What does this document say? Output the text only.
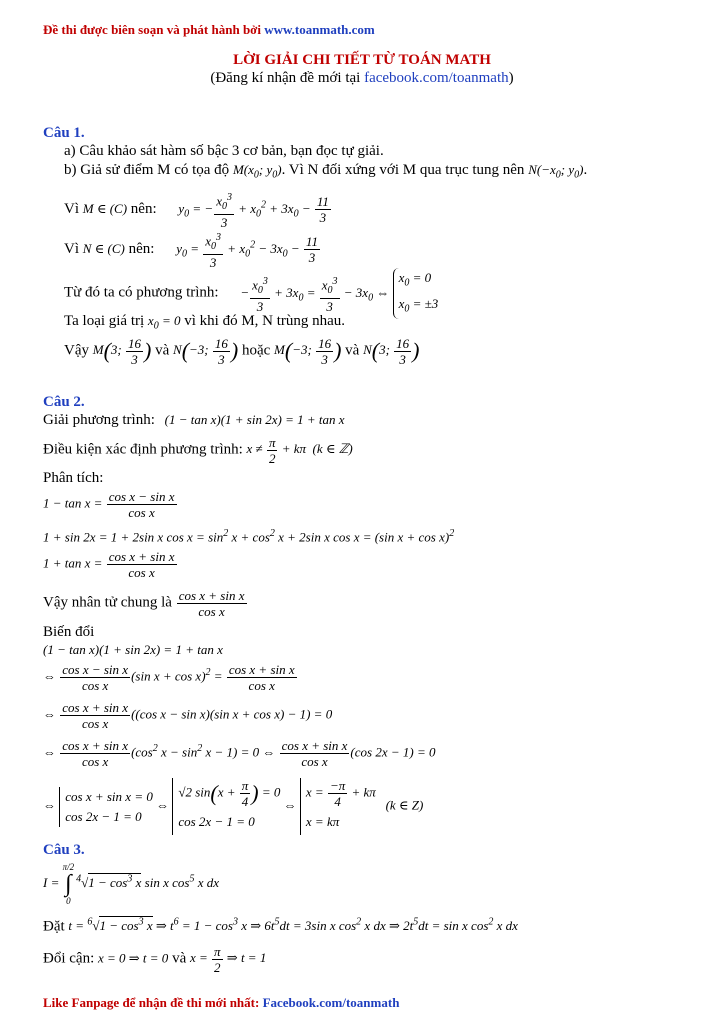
Đề thi được biên soạn và phát hành bởi www.toanmath.com
LỜI GIẢI CHI TIẾT TỪ TOÁN MATH
(Đăng kí nhận đề mới tại facebook.com/toanmath)
Câu 1.
a) Câu khảo sát hàm số bậc 3 cơ bản, bạn đọc tự giải.
b) Giả sử điểm M có tọa độ $M(x_0$; $y_0$). Vì N đối xứng với M qua trục tung nên $N(-x_0$; $y_0$).
Vì M ∈ (C) nên: $y_0$ = − $\frac{x_0^3}{3} + x_0^2 + 3x_0 - \frac{11}{3}$
Vì N ∈ (C) nên: $y_0 = \frac{x_0^3}{3} + x_0^2 - 3x_0 - \frac{11}{3}$
Từ đó ta có phương trình: − $\frac{x_0^3}{3} + 3x_0 = \frac{x_0^3}{3} - 3x_0$ ⇔ $x_0 = 0$
$x_0 = \pm 3$
Ta loại giá trị $x_0 = 0$ vì khi đó M, N trùng nhau.
Vậy M(3; $\frac{16}{3}$ ) và N(−3; $\frac{16}{3}$ ) hoặc M(−3; $\frac{16}{3}$ ) và N(3; $\frac{16}{3}$ )
Câu 2.
Giải phương trình: (1 − tan x)(1 + sin 2x) = 1 + tan x
Điều kiện xác định phương trình: $x \ne \frac{\pi}{2} + k\pi$  (k ∈ ℤ)
Phân tích:
$1 - \tan x = \frac{\text{cos x − sin x}}{\text{cos x}}$
1 + sin 2x = 1 + 2sin x $\cos x = \sin^2 x + \cos^2 x + 2\sin$ x cos x = (sin x + cos x)$^2$
$1 + \tan x = \frac{\text{cos x + sin x}}{\text{cos x}}$
Vậy nhân tử chung là $\frac{\text{cos x + sin x}}{\text{cos x}}$
Biến đổi
(1 − tan x)(1 + sin 2x) = 1 + tan x
⇔ $\frac{\text{cos x − sin x}}{\text{cos x}} (\sin$ $x + \cos x)^2 = \frac{\text{cos x + sin x}}{\text{cos x}}$
⇔ $\frac{\text{cos x + sin x}}{\text{cos x}} ((\cos$ x − sin x)(sin x + cos x) − 1) = 0
⇔ $\frac{\text{cos x + sin x}}{\text{cos x}} (\cos^2$ $x - \sin^2 x - 1) = 0$ ⇔ $\frac{\text{cos x + sin x}}{\text{cos x}} (\cos$ 2x − 1) = 0
⇔ cos x + sin x = 0
cos 2x − 1 = 0 ⇔ √2 $\sin(x + \frac{\pi}{4}$ ) = 0
cos 2x − 1 = 0 ⇔ $x = \frac{-\pi}{4} + k\pi$
x = kπ   (k ∈ Z)
Câu 3.
I =
π/2
∫
0
$^4√1 - \cos^3 x$ sin x $\cos^5 x$ dx
Đặt $t = ^6√1 - \cos^3 x$ ⇒ $t^6 = 1 - \cos^3 x$ ⇒ $6t^5dt = 3\sin$ x $\cos^2 x$ dx ⇒ $2t^5dt = \sin x$ $\cos^2 x$ dx
Đổi cận: x = 0 ⇒ t = 0 và $x = \frac{\pi}{2}$ ⇒ t = 1
Like Fanpage để nhận đề thi mới nhất: Facebook.com/toanmath
